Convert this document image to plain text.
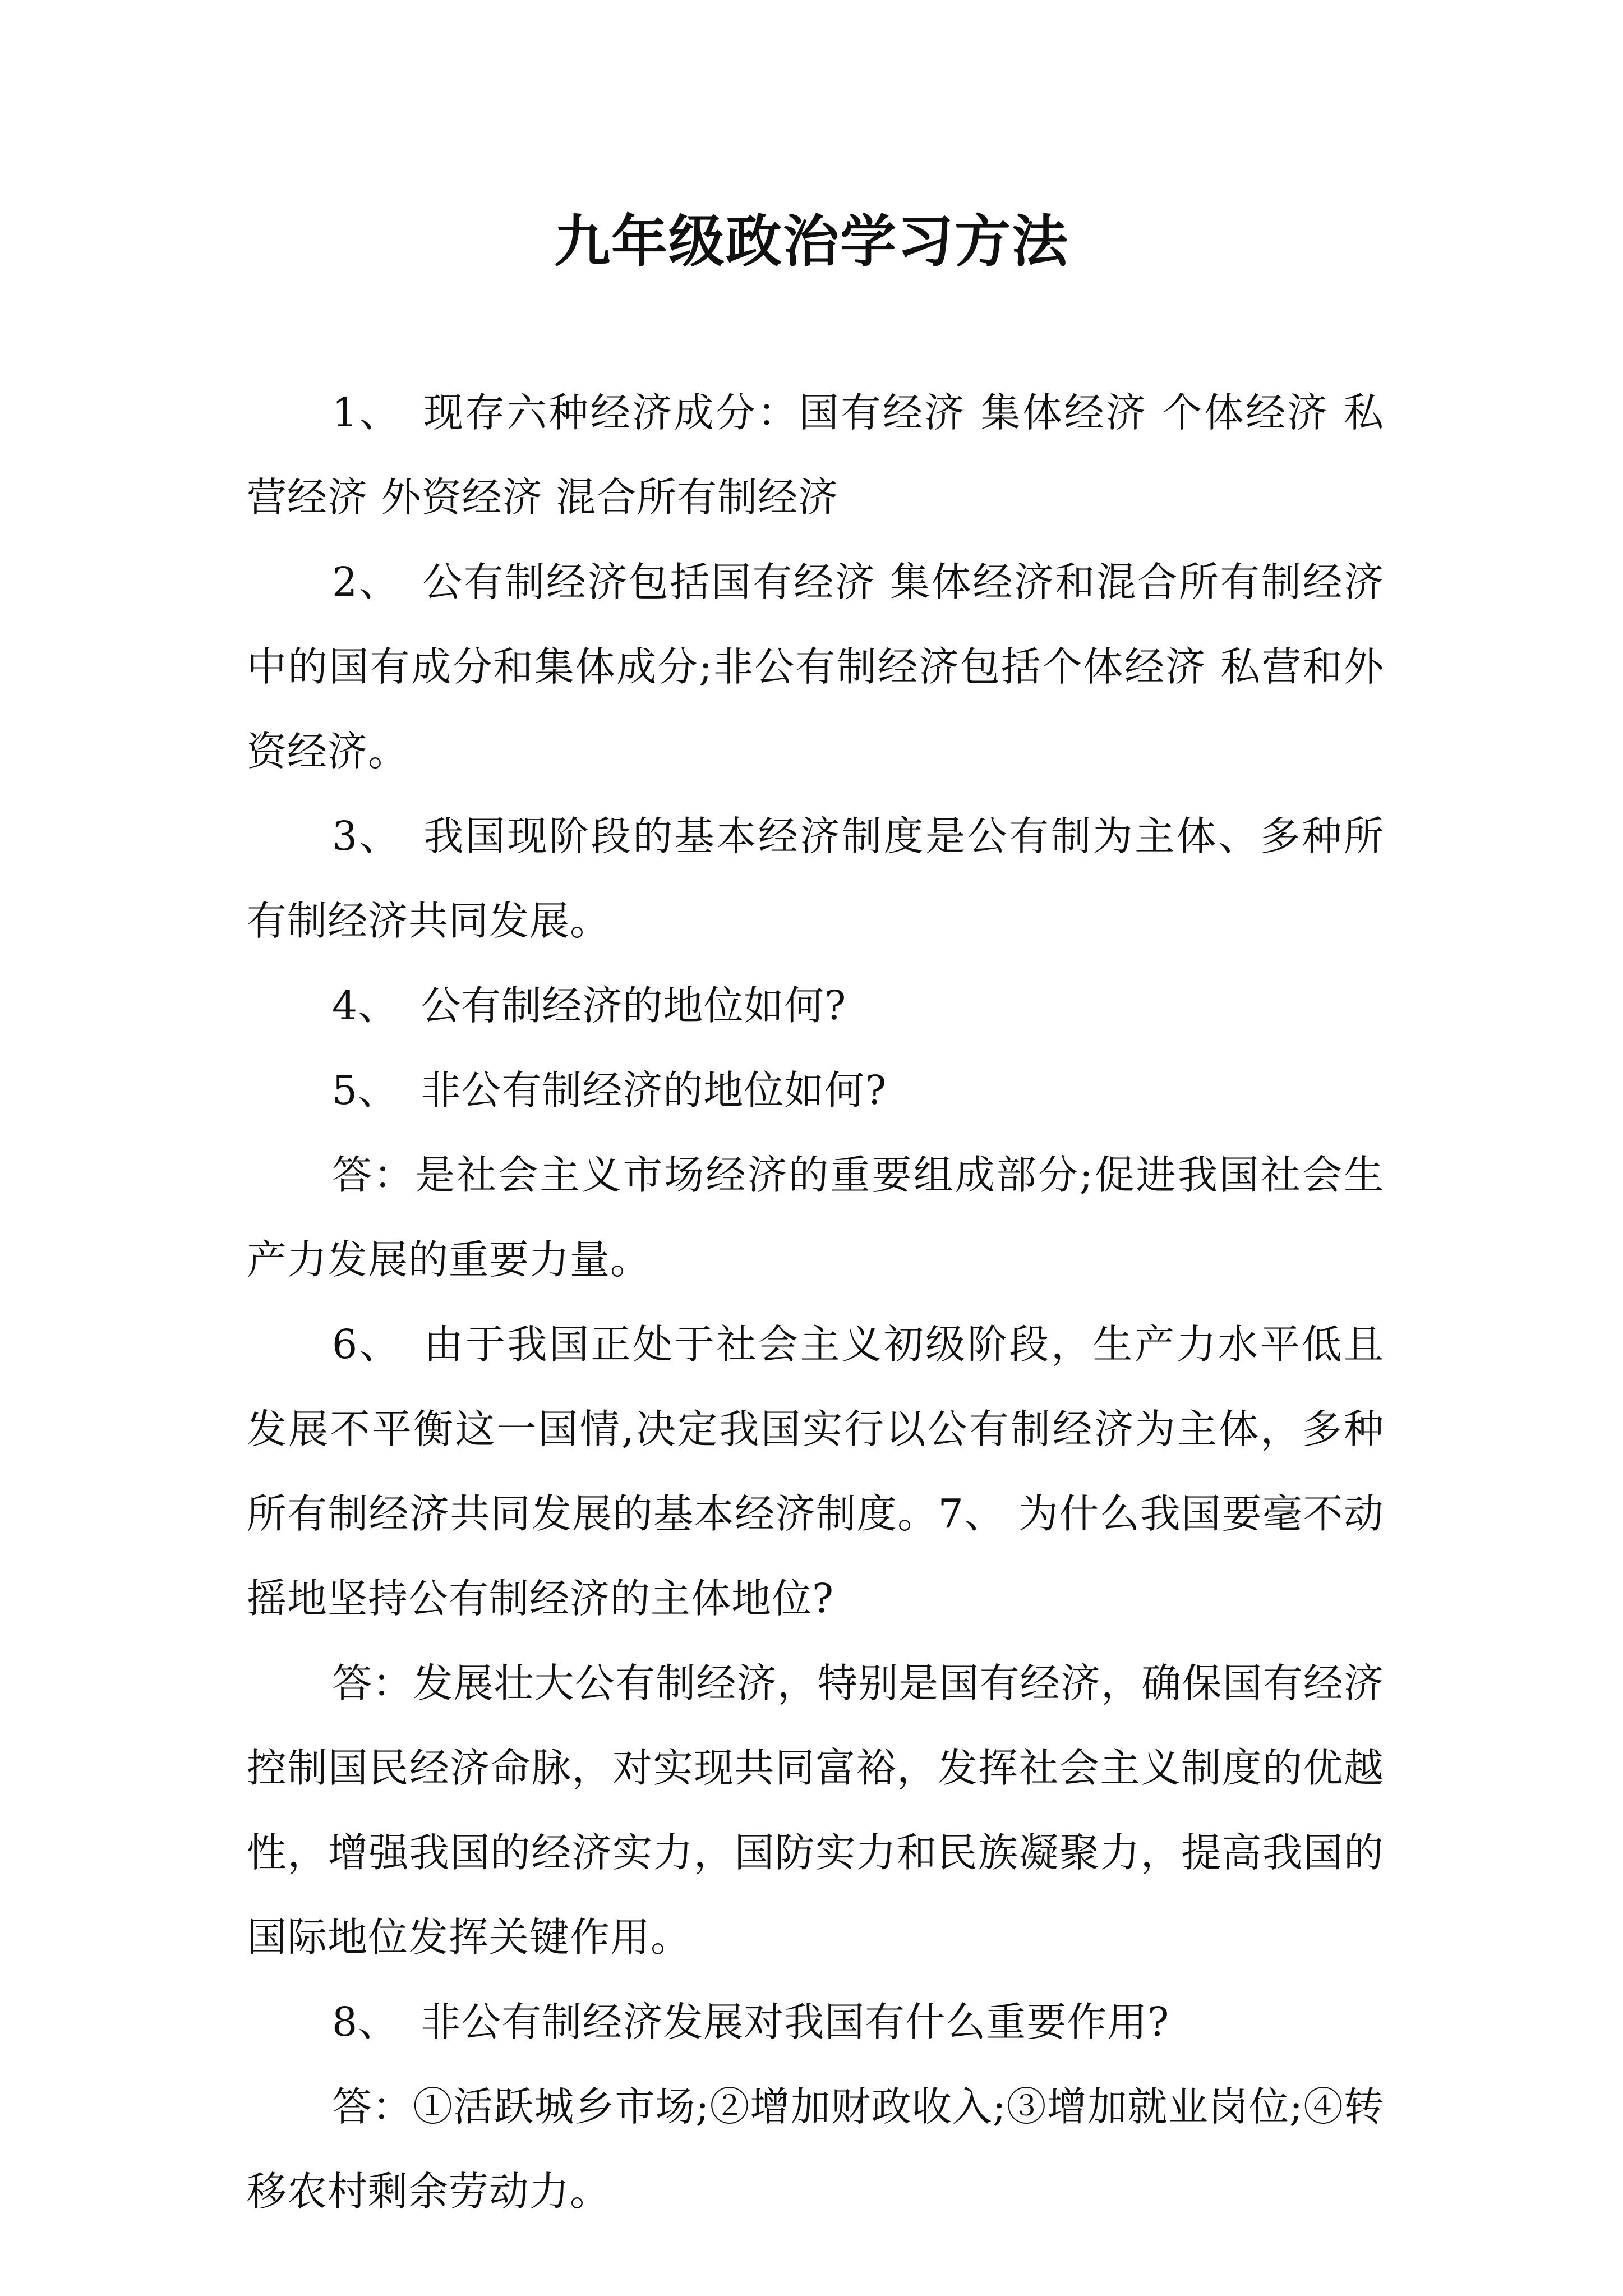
九年级政治学习方法

1、 现存六种经济成分：国有经济 集体经济 个体经济 私营经济 外资经济 混合所有制经济

2、 公有制经济包括国有经济 集体经济和混合所有制经济中的国有成分和集体成分;非公有制经济包括个体经济 私营和外资经济。

3、 我国现阶段的基本经济制度是公有制为主体、多种所有制经济共同发展。

4、 公有制经济的地位如何?

5、 非公有制经济的地位如何?

答：是社会主义市场经济的重要组成部分;促进我国社会生产力发展的重要力量。

6、 由于我国正处于社会主义初级阶段，生产力水平低且发展不平衡这一国情,决定我国实行以公有制经济为主体，多种所有制经济共同发展的基本经济制度。7、 为什么我国要毫不动摇地坚持公有制经济的主体地位?

答：发展壮大公有制经济，特别是国有经济，确保国有经济控制国民经济命脉，对实现共同富裕，发挥社会主义制度的优越性，增强我国的经济实力，国防实力和民族凝聚力，提高我国的国际地位发挥关键作用。

8、 非公有制经济发展对我国有什么重要作用?

答：①活跃城乡市场;②增加财政收入;③增加就业岗位;④转移农村剩余劳动力。
